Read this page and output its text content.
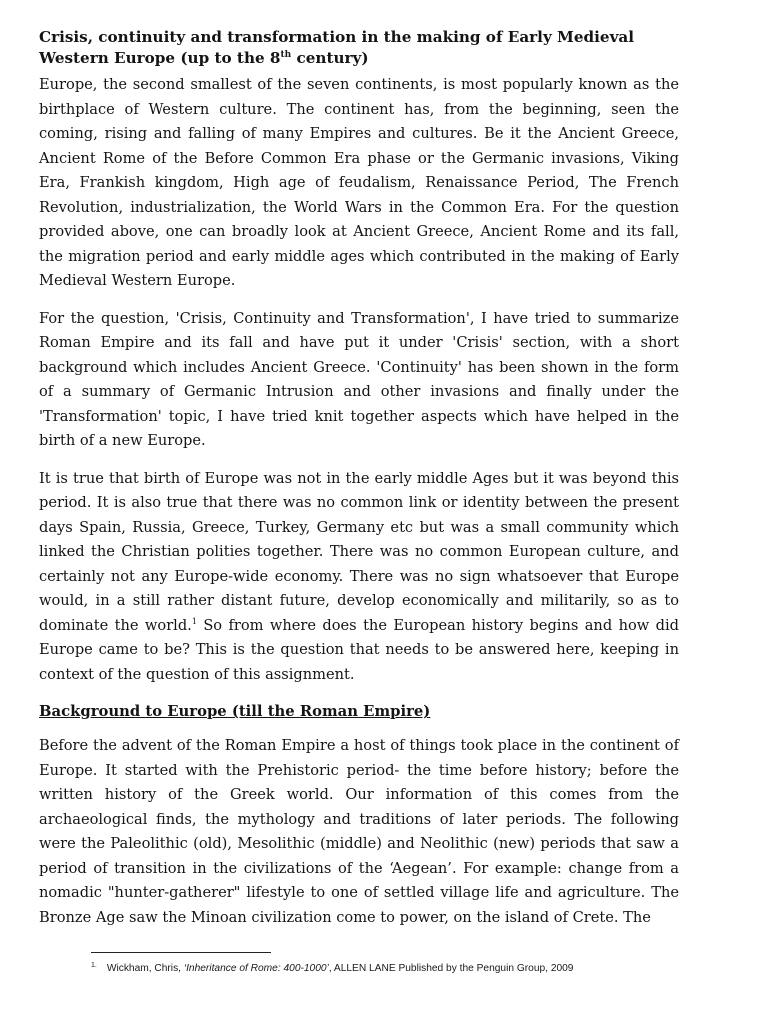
Crisis, continuity and transformation in the making of Early Medieval Western Europe (up to the 8th century)

Europe, the second smallest of the seven continents, is most popularly known as the birthplace of Western culture. The continent has, from the beginning, seen the coming, rising and falling of many Empires and cultures. Be it the Ancient Greece, Ancient Rome of the Before Common Era phase or the Germanic invasions, Viking Era, Frankish kingdom, High age of feudalism, Renaissance Period, The French Revolution, industrialization, the World Wars in the Common Era. For the question provided above, one can broadly look at Ancient Greece, Ancient Rome and its fall, the migration period and early middle ages which contributed in the making of Early Medieval Western Europe.

For the question, 'Crisis, Continuity and Transformation', I have tried to summarize Roman Empire and its fall and have put it under 'Crisis' section, with a short background which includes Ancient Greece. 'Continuity' has been shown in the form of a summary of Germanic Intrusion and other invasions and finally under the 'Transformation' topic, I have tried knit together aspects which have helped in the birth of a new Europe.

It is true that birth of Europe was not in the early middle Ages but it was beyond this period. It is also true that there was no common link or identity between the present days Spain, Russia, Greece, Turkey, Germany etc but was a small community which linked the Christian polities together. There was no common European culture, and certainly not any Europe-wide economy. There was no sign whatsoever that Europe would, in a still rather distant future, develop economically and militarily, so as to dominate the world.$^1$ So from where does the European history begins and how did Europe came to be? This is the question that needs to be answered here, keeping in context of the question of this assignment.

Background to Europe (till the Roman Empire)

Before the advent of the Roman Empire a host of things took place in the continent of Europe. It started with the Prehistoric period- the time before history; before the written history of the Greek world. Our information of this comes from the archaeological finds, the mythology and traditions of later periods. The following were the Paleolithic (old), Mesolithic (middle) and Neolithic (new) periods that saw a period of transition in the civilizations of the ‘Aegean’. For example: change from a nomadic "hunter-gatherer" lifestyle to one of settled village life and agriculture. The Bronze Age saw the Minoan civilization come to power, on the island of Crete. The

$^{1.}$ Wickham, Chris, ‘Inheritance of Rome: 400-1000’, ALLEN LANE Published by the Penguin Group, 2009
